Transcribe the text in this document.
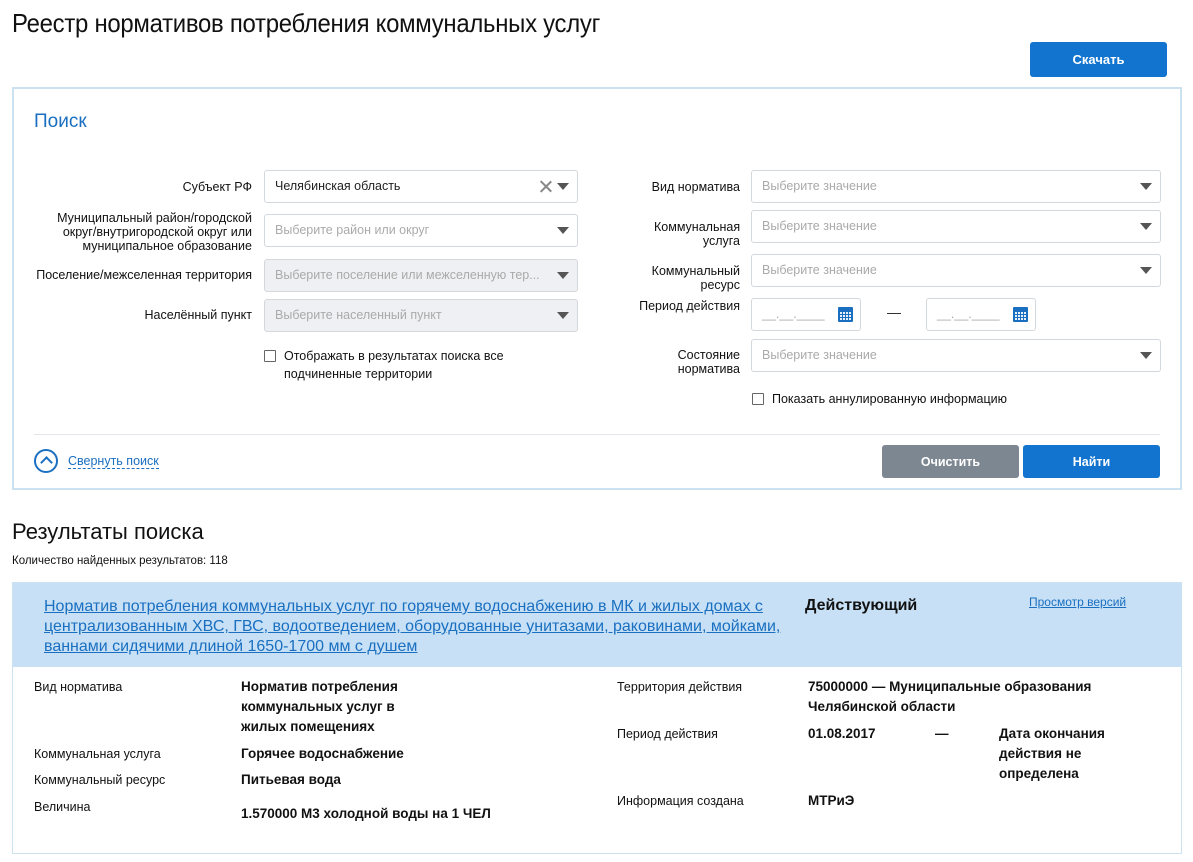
Реестр нормативов потребления коммунальных услуг
Скачать
Поиск
Субъект РФ	Челябинская область
Муниципальный район/городской округ/внутригородской округ или муниципальное образование
Выберите район или округ
Поселение/межселенная территория	Выберите поселение или межселенную тер...
Населённый пункт	Выберите населенный пункт
Отображать в результатах поиска все подчиненные территории
Вид норматива	Выберите значение
Коммунальная услуга
Выберите значение
Коммунальный ресурс
Выберите значение
Период действия
__.__.____	—	__.__.____
Состояние норматива
Выберите значение
Показать аннулированную информацию
Свернуть поиск	Очистить	Найти
Результаты поиска
Количество найденных результатов: 118
Норматив потребления коммунальных услуг по горячему водоснабжению в МК и жилых домах с централизованным ХВС, ГВС, водоотведением, оборудованные унитазами, раковинами, мойками, ваннами сидячими длиной 1650-1700 мм с душем
Действующий	Просмотр версий
Вид норматива	Норматив потребления коммунальных услуг в жилых помещениях
Коммунальная услуга	Горячее водоснабжение
Коммунальный ресурс	Питьевая вода
Величина	1.570000 М3 холодной воды на 1 ЧЕЛ
Территория действия	75000000 — Муниципальные образования Челябинской области
Период действия	01.08.2017	—	Дата окончания действия не определена
Информация создана	МТРиЭ
